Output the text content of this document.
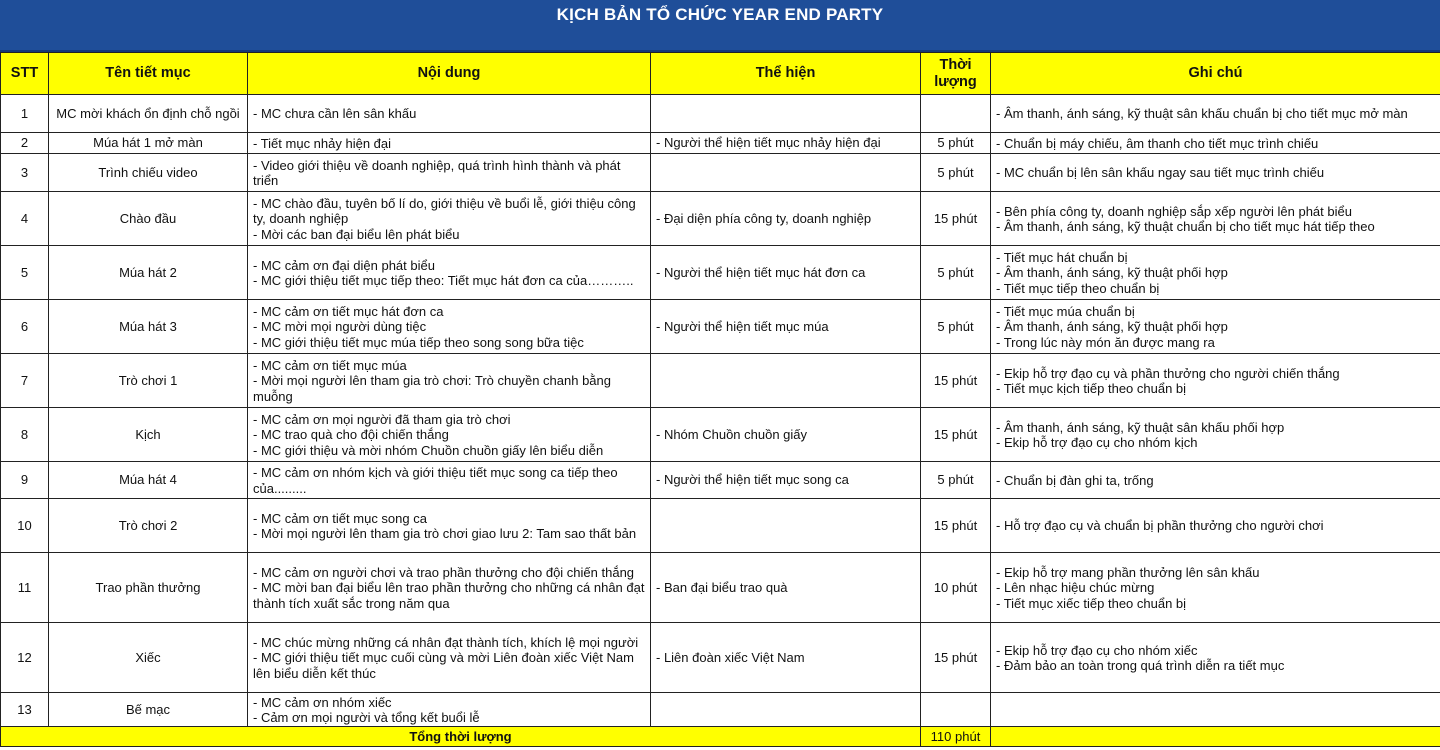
KỊCH BẢN TỔ CHỨC YEAR END PARTY
STT	Tên tiết mục	Nội dung	Thể hiện	Thời lượng	Ghi chú
1	MC mời khách ổn định chỗ ngồi	- MC chưa cần lên sân khấu			- Âm thanh, ánh sáng, kỹ thuật sân khấu chuẩn bị cho tiết mục mở màn

2	Múa hát 1 mở màn	- Tiết mục nhảy hiện đại	- Người thể hiện tiết mục nhảy hiện đại	5 phút	- Chuẩn bị máy chiếu, âm thanh cho tiết mục trình chiếu

3	Trình chiếu video	- Video giới thiệu về doanh nghiệp, quá trình hình thành và phát triển		5 phút	- MC chuẩn bị lên sân khấu ngay sau tiết mục trình chiếu

4	Chào đầu	- MC chào đầu, tuyên bố lí do, giới thiệu về buổi lễ, giới thiệu công ty, doanh nghiệp
- Mời các ban đại biểu lên phát biểu	- Đại diện phía công ty, doanh nghiệp	15 phút	- Bên phía công ty, doanh nghiệp sắp xếp người lên phát biểu
- Âm thanh, ánh sáng, kỹ thuật chuẩn bị cho tiết mục hát tiếp theo

5	Múa hát 2	- MC cảm ơn đại diện phát biểu
- MC giới thiệu tiết mục tiếp theo: Tiết mục hát đơn ca của………..	- Người thể hiện tiết mục hát đơn ca	5 phút	- Tiết mục hát chuẩn bị
- Âm thanh, ánh sáng, kỹ thuật phối hợp
- Tiết mục tiếp theo chuẩn bị

6	Múa hát 3	- MC cảm ơn tiết mục hát đơn ca
- MC mời mọi người dùng tiệc
- MC giới thiệu tiết mục múa tiếp theo song song bữa tiệc	- Người thể hiện tiết mục múa	5 phút	- Tiết mục múa chuẩn bị
- Âm thanh, ánh sáng, kỹ thuật phối hợp
- Trong lúc này món ăn được mang ra

7	Trò chơi 1	- MC cảm ơn tiết mục múa
- Mời mọi người lên tham gia trò chơi: Trò chuyền chanh bằng muỗng		15 phút	- Ekip hỗ trợ đạo cụ và phần thưởng cho người chiến thắng
- Tiết mục kịch tiếp theo chuẩn bị

8	Kịch	- MC cảm ơn mọi người đã tham gia trò chơi
- MC trao quà cho đội chiến thắng
- MC giới thiệu và mời nhóm Chuồn chuồn giấy lên biểu diễn	- Nhóm Chuồn chuồn giấy	15 phút	- Âm thanh, ánh sáng, kỹ thuật sân khấu phối hợp
- Ekip hỗ trợ đạo cụ cho nhóm kịch

9	Múa hát 4	- MC cảm ơn nhóm kịch và giới thiệu tiết mục song ca tiếp theo của.........	- Người thể hiện tiết mục song ca	5 phút	- Chuẩn bị đàn ghi ta, trống

10	Trò chơi 2	- MC cảm ơn tiết mục song ca
- Mời mọi người lên tham gia trò chơi giao lưu 2: Tam sao thất bản		15 phút	- Hỗ trợ đạo cụ và chuẩn bị phần thưởng cho người chơi

11	Trao phần thưởng	- MC cảm ơn người chơi và trao phần thưởng cho đội chiến thắng
- MC mời ban đại biểu lên trao phần thưởng cho những cá nhân đạt thành tích xuất sắc trong năm qua	- Ban đại biểu trao quà	10 phút	- Ekip hỗ trợ mang phần thưởng lên sân khấu
- Lên nhạc hiệu chúc mừng
- Tiết mục xiếc tiếp theo chuẩn bị

12	Xiếc	- MC chúc mừng những cá nhân đạt thành tích, khích lệ mọi người
- MC giới thiệu tiết mục cuối cùng và mời Liên đoàn xiếc Việt Nam lên biểu diễn kết thúc	- Liên đoàn xiếc Việt Nam	15 phút	- Ekip hỗ trợ đạo cụ cho nhóm xiếc
- Đảm bảo an toàn trong quá trình diễn ra tiết mục

13	Bế mạc	- MC cảm ơn nhóm xiếc
- Cảm ơn mọi người và tổng kết buổi lễ			

Tổng thời lượng				110 phút	
